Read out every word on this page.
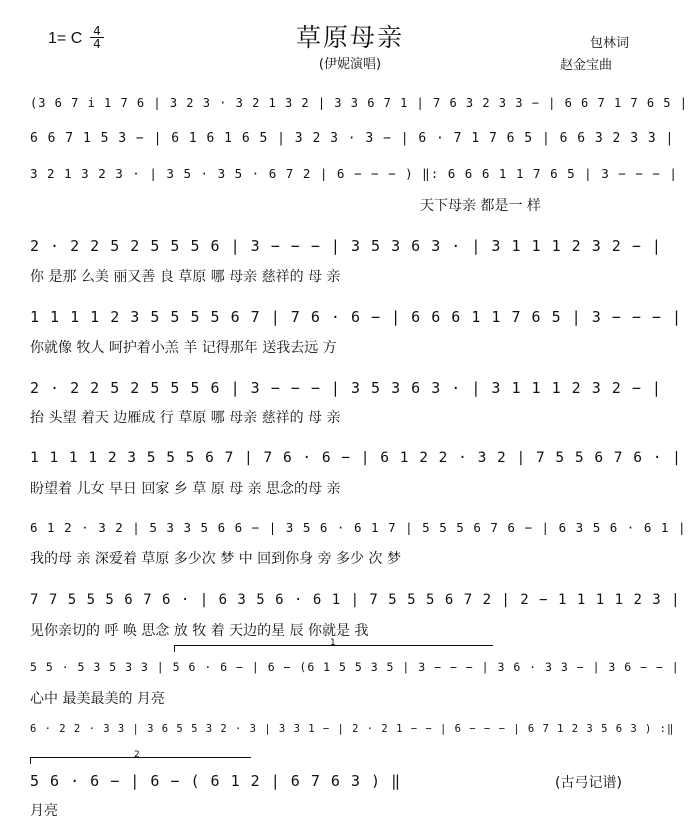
1= C 4
4	草原母亲
(伊妮演唱)
包林词
赵金宝曲
(3 6 7 i 1 7 6 | 3 2 3 · 3 2 1 3 2 | 3 3 6 7 1 | 7 6 3 2 3 3 − | 6 6 7 1 7 6 5 |
6 6 7 1 5 3 − | 6 1 6 1 6 5 | 3 2 3 · 3 − | 6 · 7 1 7 6 5 | 6 6 3 2 3 3 |
3 2 1 3 2 3 · | 3 5 · 3 5 · 6 7 2 | 6 − − − ) ‖: 6 6 6 1 1 7 6 5 | 3 − − − |
天下母亲 都是一 样
2 · 2 2 5 2 5 5 5 6 | 3 − − − | 3 5 3 6 3 · | 3 1 1 1 2 3 2 − |
你 是那 么美 丽又善 良 草原 哪 母亲 慈祥的 母 亲
1 1 1 1 2 3 5 5 5 5 6 7 | 7 6 · 6 − | 6 6 6 1 1 7 6 5 | 3 − − − |
你就像 牧人 呵护着小羔 羊 记得那年 送我去远 方
2 · 2 2 5 2 5 5 5 6 | 3 − − − | 3 5 3 6 3 · | 3 1 1 1 2 3 2 − |
抬 头望 着天 边雁成 行 草原 哪 母亲 慈祥的 母 亲
1 1 1 1 2 3 5 5 5 6 7 | 7 6 · 6 − | 6 1 2 2 · 3 2 | 7 5 5 6 7 6 · |
盼望着 儿女 早日 回家 乡 草 原 母 亲 思念的母 亲
6 1 2 · 3 2 | 5 3 3 5 6 6 − | 3 5 6 · 6 1 7 | 5 5 5 6 7 6 − | 6 3 5 6 · 6 1 |
我的母 亲 深爱着 草原 多少次 梦 中 回到你身 旁 多少 次 梦
7 7 5 5 5 6 7 6 · | 6 3 5 6 · 6 1 | 7 5 5 5 6 7 2 | 2 − 1 1 1 1 2 3 |
见你亲切的 呼 唤 思念 放 牧 着 天边的星 辰 你就是 我
1
5 5 · 5 3 5 3 3 | 5 6 · 6 − | 6 − (6 1 5 5 3 5 | 3 − − − | 3 6 · 3 3 − | 3 6 − − |
心中 最美最美的 月亮
6 · 2 2 · 3 3 | 3 6 5 5 3 2 · 3 | 3 3 1 − | 2 · 2 1 − − | 6 − − − | 6 7 1 2 3 5 6 3 ) :‖
2
5 6 · 6 − | 6 − ( 6 1 2 | 6 7 6 3 ) ‖
月亮
(古弓记谱)
